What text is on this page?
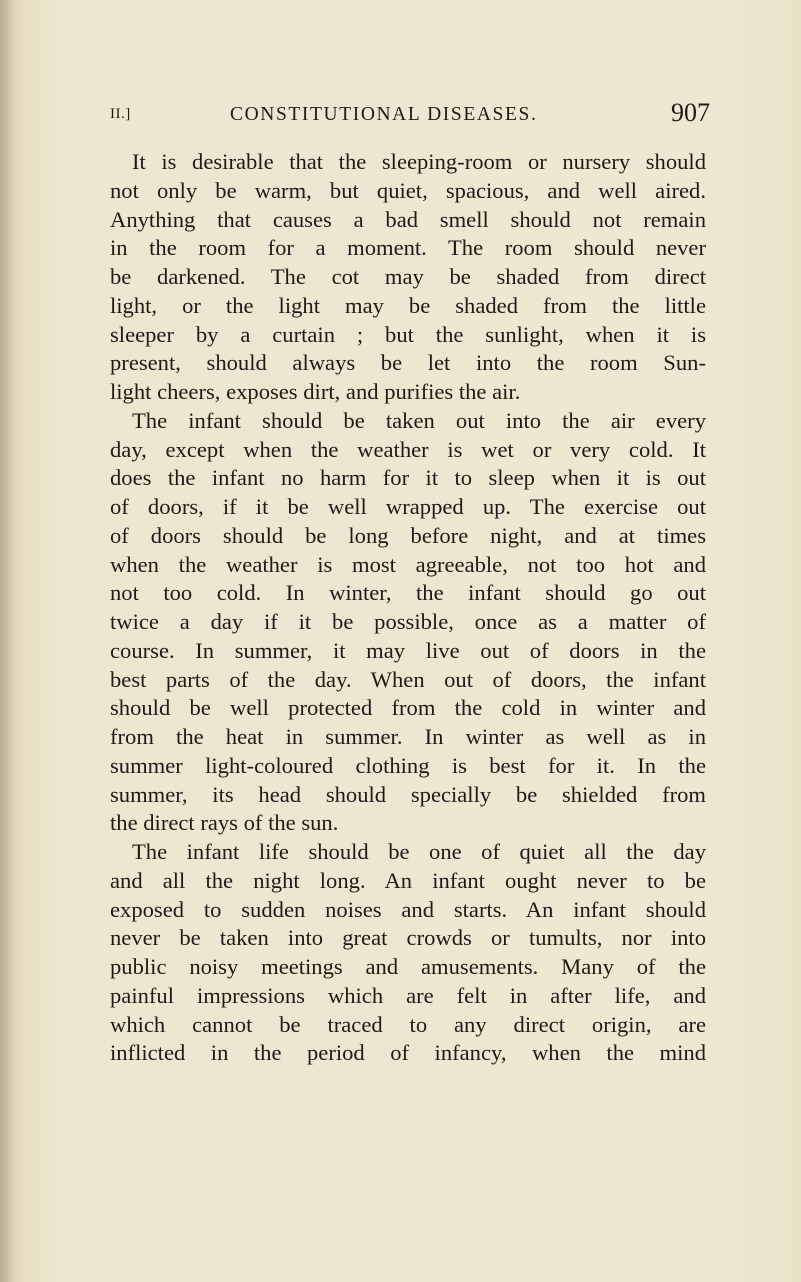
II.]	CONSTITUTIONAL DISEASES.	907
It is desirable that the sleeping-room or nursery should
not only be warm, but quiet, spacious, and well aired.
Anything that causes a bad smell should not remain
in the room for a moment. The room should never
be darkened. The cot may be shaded from direct
light, or the light may be shaded from the little
sleeper by a curtain ; but the sunlight, when it is
present, should always be let into the room Sun-
light cheers, exposes dirt, and purifies the air.
The infant should be taken out into the air every
day, except when the weather is wet or very cold. It
does the infant no harm for it to sleep when it is out
of doors, if it be well wrapped up. The exercise out
of doors should be long before night, and at times
when the weather is most agreeable, not too hot and
not too cold. In winter, the infant should go out
twice a day if it be possible, once as a matter of
course. In summer, it may live out of doors in the
best parts of the day. When out of doors, the infant
should be well protected from the cold in winter and
from the heat in summer. In winter as well as in
summer light-coloured clothing is best for it. In the
summer, its head should specially be shielded from
the direct rays of the sun.
The infant life should be one of quiet all the day
and all the night long. An infant ought never to be
exposed to sudden noises and starts. An infant should
never be taken into great crowds or tumults, nor into
public noisy meetings and amusements. Many of the
painful impressions which are felt in after life, and
which cannot be traced to any direct origin, are
inflicted in the period of infancy, when the mind
